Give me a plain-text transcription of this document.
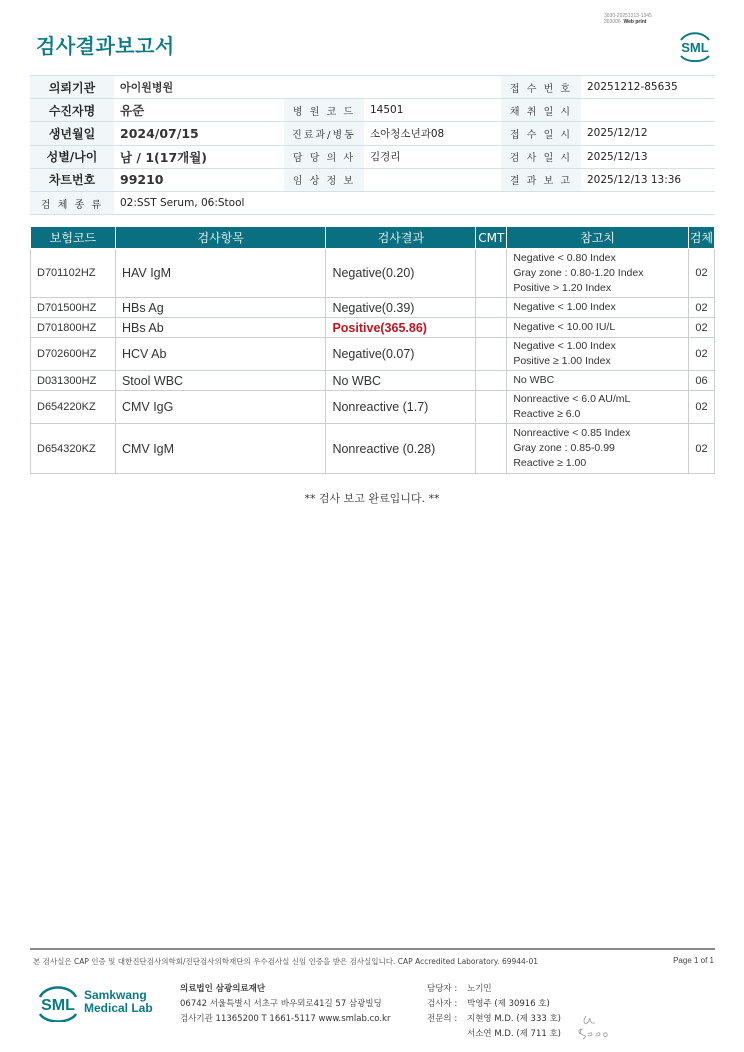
3030-20251213-1345
303006 Web print
검사결과보고서	SML
의뢰기관	아이원병원			접 수 번 호	20251212-85635
수진자명	유준	병 원 코 드	14501	채 취 일 시	
생년월일	2024/07/15	진료과/병동	소아청소년과08	접 수 일 시	2025/12/12
성별/나이	남 / 1(17개월)	담 당 의 사	김경리	검 사 일 시	2025/12/13
차트번호	99210	임 상 정 보		결 과 보 고	2025/12/13 13:36
검 체 종 류	02:SST Serum, 06:Stool				
보험코드	검사항목	검사결과	CMT	참고치	검체
D701102HZ	HAV IgM	Negative(0.20)		Negative < 0.80 Index
Gray zone : 0.80-1.20 Index
Positive > 1.20 Index	02
D701500HZ	HBs Ag	Negative(0.39)		Negative < 1.00 Index	02
D701800HZ	HBs Ab	Positive(365.86)		Negative < 10.00 IU/L	02
D702600HZ	HCV Ab	Negative(0.07)		Negative < 1.00 Index
Positive ≥ 1.00 Index	02
D031300HZ	Stool WBC	No WBC		No WBC	06
D654220KZ	CMV IgG	Nonreactive (1.7)		Nonreactive < 6.0 AU/mL
Reactive ≥ 6.0	02
D654320KZ	CMV IgM	Nonreactive (0.28)		Nonreactive < 0.85 Index
Gray zone : 0.85-0.99
Reactive ≥ 1.00	02
** 검사 보고 완료입니다. **
본 검사실은 CAP 인증 및 대한진단검사의학회/진단검사의학재단의 우수검사실 신임 인증을 받은 검사실입니다. CAP Accredited Laboratory. 69944-01	Page 1 of 1
SML
Samkwang
Medical Lab
의료법인 삼광의료재단
06742 서울특별시 서초구 바우뫼로41길 57 삼광빌딩
검사기관 11365200 T 1661-5117 www.smlab.co.kr
담당자 :	노기민
검사자 :	박영주 (제 30916 호)
전문의 :	지현영 M.D. (제 333 호)
서소연 M.D. (제 711 호)
